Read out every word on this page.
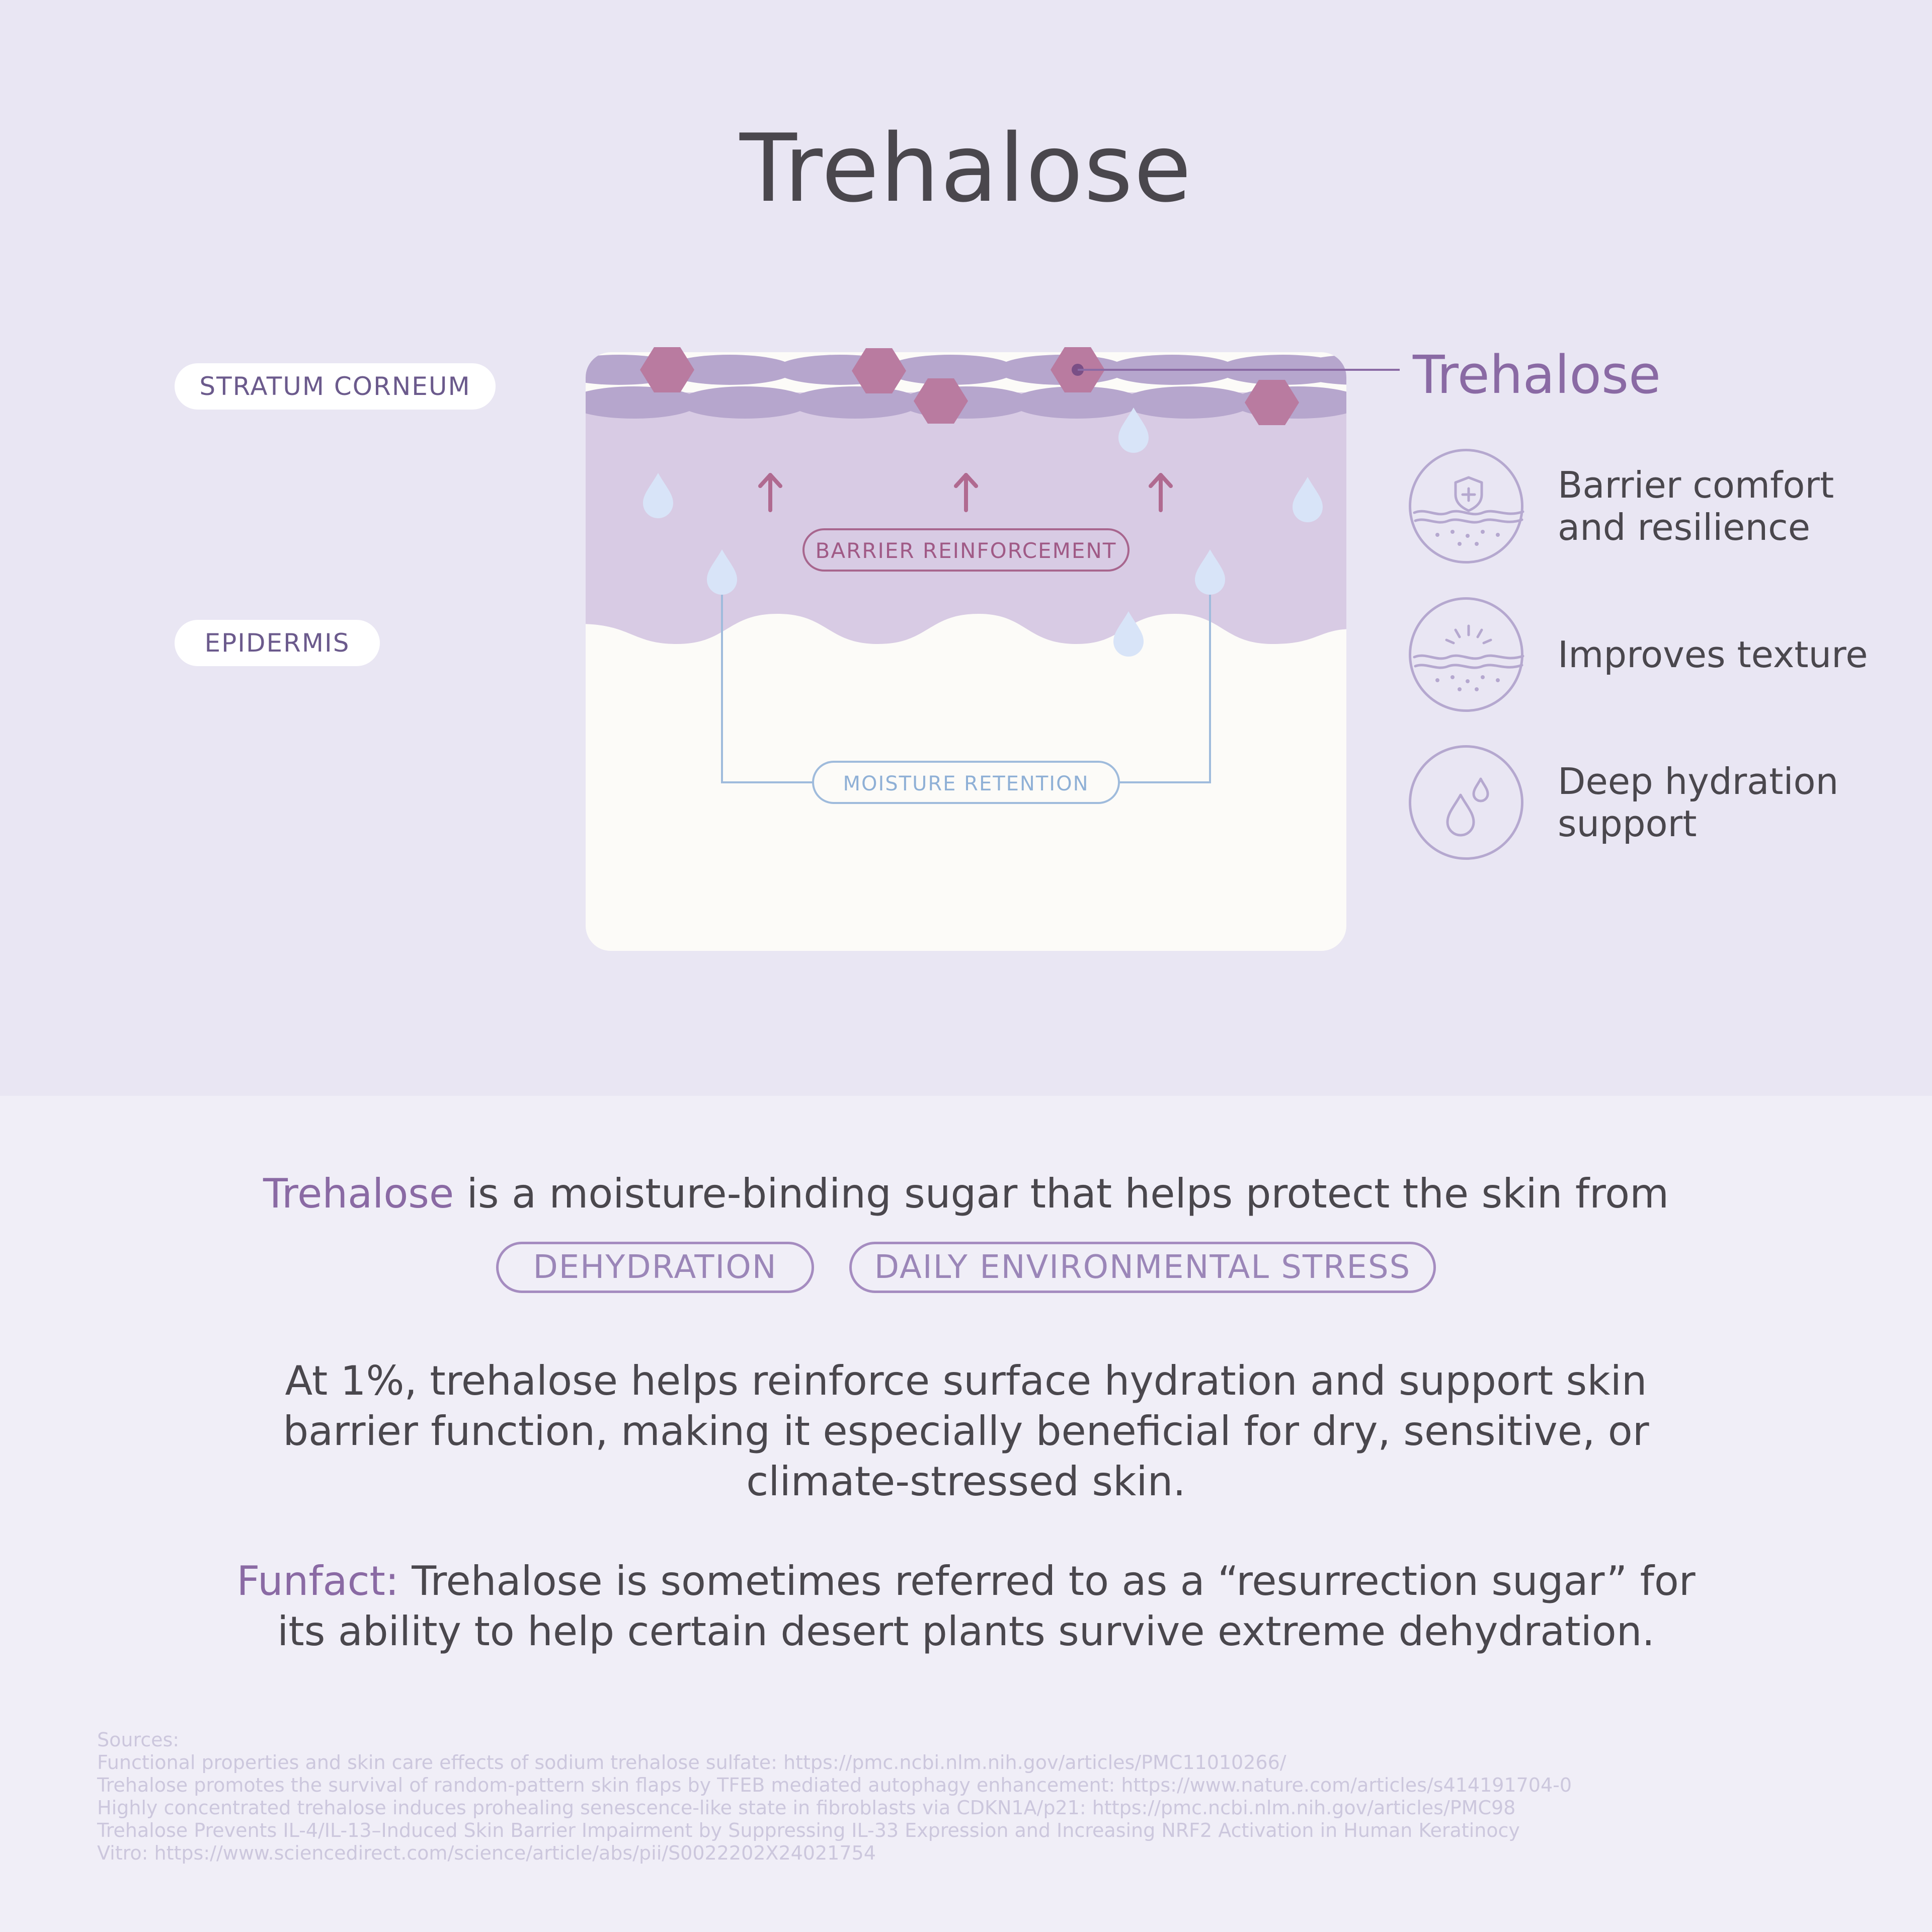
Trehalose
STRATUM CORNEUM
EPIDERMIS
BARRIER REINFORCEMENT
MOISTURE RETENTION
Trehalose
Barrier comfort
and resilience
Improves texture
Deep hydration
support
Trehalose is a moisture-binding sugar that helps protect the skin from
DEHYDRATION	DAILY ENVIRONMENTAL STRESS
At 1%, trehalose helps reinforce surface hydration and support skin
barrier function, making it especially beneficial for dry, sensitive, or
climate-stressed skin.
Funfact: Trehalose is sometimes referred to as a “resurrection sugar” for
its ability to help certain desert plants survive extreme dehydration.
Sources:
Functional properties and skin care effects of sodium trehalose sulfate: https://pmc.ncbi.nlm.nih.gov/articles/PMC11010266/
Trehalose promotes the survival of random-pattern skin flaps by TFEB mediated autophagy enhancement: https://www.nature.com/articles/s414191704-0
Highly concentrated trehalose induces prohealing senescence-like state in fibroblasts via CDKN1A/p21: https://pmc.ncbi.nlm.nih.gov/articles/PMC98
Trehalose Prevents IL-4/IL-13–Induced Skin Barrier Impairment by Suppressing IL-33 Expression and Increasing NRF2 Activation in Human Keratinocy
Vitro: https://www.sciencedirect.com/science/article/abs/pii/S0022202X24021754
